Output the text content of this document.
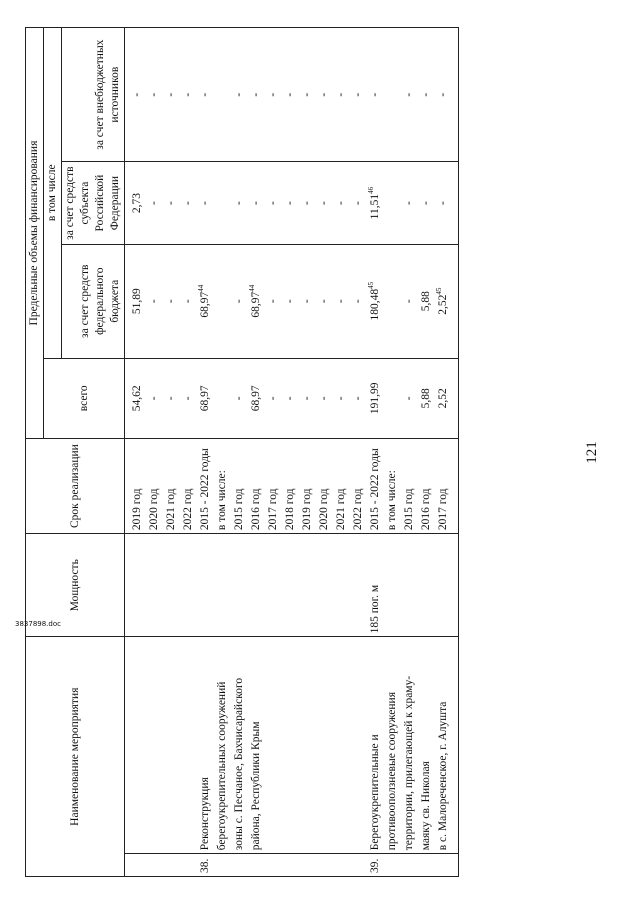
Наименование мероприятия		Мощность	Срок реализации	Предельные объемы финансирования			
				всего	в том числе		
					за счет средств федерального бюджета	за счет средств субъекта Российской Федерации	за счет внебюджетных источников
			2019 год	54,62	51,89	2,73	-
			2020 год	-	-	-	-
			2021 год	-	-	-	-
			2022 год	-	-	-	-
38.	Реконструкция		2015 - 2022 годы	68,97	68,97$^{44}$	-	-
	берегоукрепительных сооружений		в том числе:				
	зоны с. Песчаное, Бахчисарайского		2015 год	-	-	-	-
	района, Республики Крым		2016 год	68,97	68,97$^{44}$	-	-
			2017 год	-	-	-	-
			2018 год	-	-	-	-
			2019 год	-	-	-	-
			2020 год	-	-	-	-
			2021 год	-	-	-	-
			2022 год	-	-	-	-
39.	Берегоукрепительные и	185 пог. м	2015 - 2022 годы	191,99	180,48$^{45}$	11,51$^{46}$	-
	противооползневые сооружения		в том числе:				
	территории, прилегающей к храму-		2015 год	-	-	-	-
	маяку св. Николая		2016 год	5,88	5,88	-	-
	в с. Малореченское, г. Алушта		2017 год	2,52	2,52$^{45}$	-	-

121
3837898.doc
